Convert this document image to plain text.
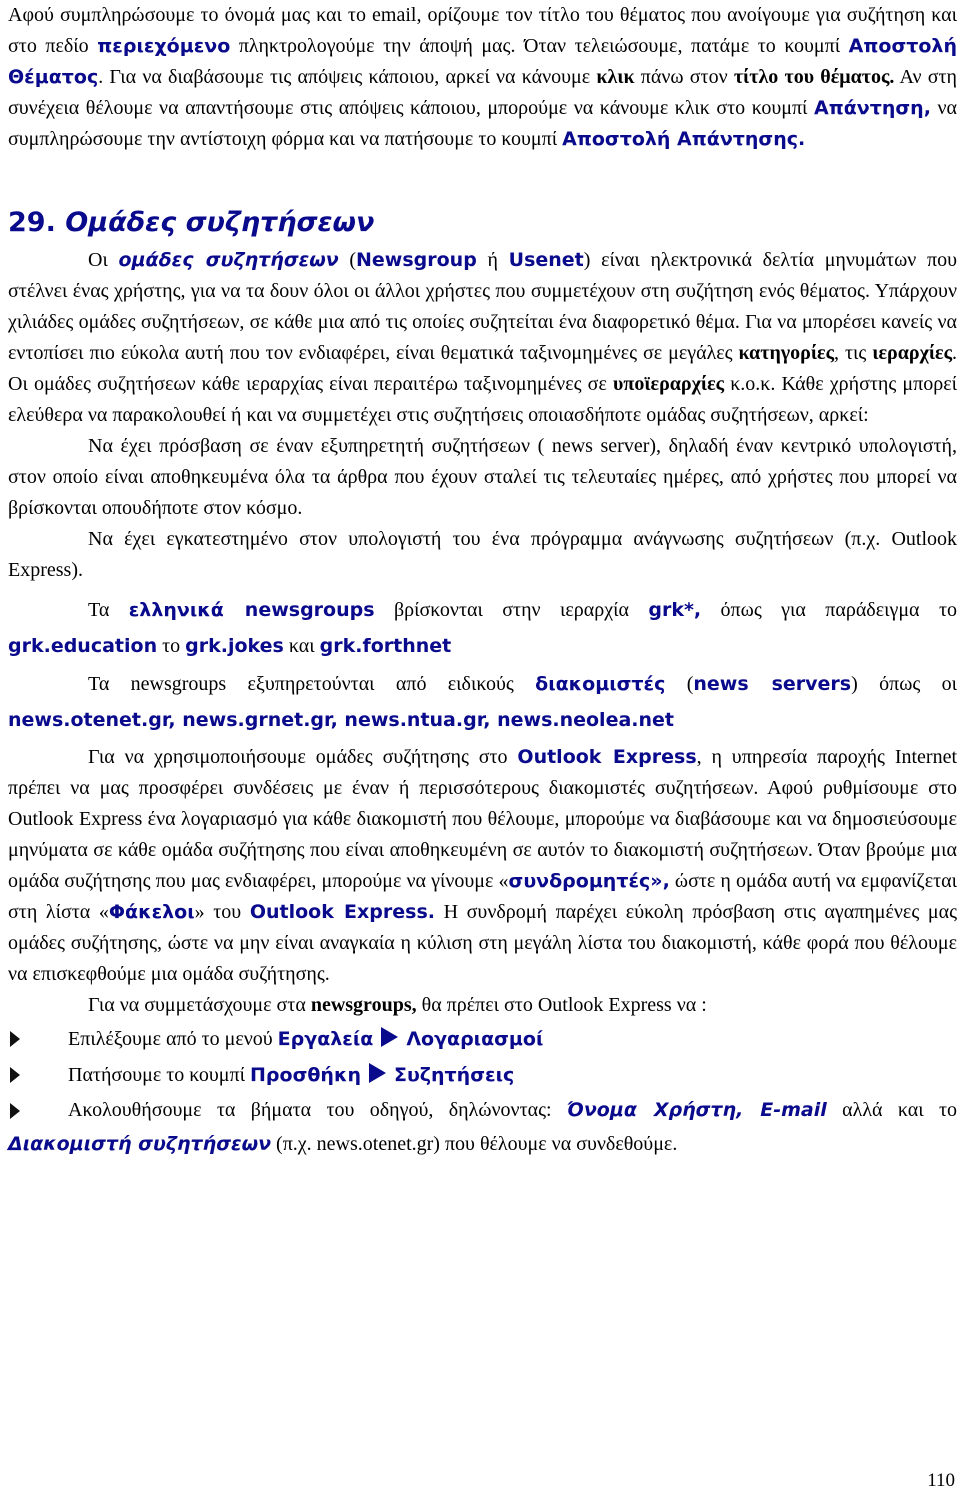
Αφού συμπληρώσουμε το όνομά μας και το email, ορίζουμε τον τίτλο του θέματος που ανοίγουμε για συζήτηση και στο πεδίο περιεχόμενο πληκτρολογούμε την άποψή μας. Όταν τελειώσουμε, πατάμε το κουμπί Αποστολή Θέματος. Για να διαβάσουμε τις απόψεις κάποιου, αρκεί να κάνουμε κλικ πάνω στον τίτλο του θέματος. Αν στη συνέχεια θέλουμε να απαντήσουμε στις απόψεις κάποιου, μπορούμε να κάνουμε κλικ στο κουμπί Απάντηση, να συμπληρώσουμε την αντίστοιχη φόρμα και να πατήσουμε το κουμπί Αποστολή Απάντησης.

29. Ομάδες συζητήσεων

Οι ομάδες συζητήσεων (Newsgroup ή Usenet) είναι ηλεκτρονικά δελτία μηνυμάτων που στέλνει ένας χρήστης, για να τα δουν όλοι οι άλλοι χρήστες που συμμετέχουν στη συζήτηση ενός θέματος. Υπάρχουν χιλιάδες ομάδες συζητήσεων, σε κάθε μια από τις οποίες συζητείται ένα διαφορετικό θέμα. Για να μπορέσει κανείς να εντοπίσει πιο εύκολα αυτή που τον ενδιαφέρει, είναι θεματικά ταξινομημένες σε μεγάλες κατηγορίες, τις ιεραρχίες. Οι ομάδες συζητήσεων κάθε ιεραρχίας είναι περαιτέρω ταξινομημένες σε υποϊεραρχίες κ.ο.κ. Κάθε χρήστης μπορεί ελεύθερα να παρακολουθεί ή και να συμμετέχει στις συζητήσεις οποιασδήποτε ομάδας συζητήσεων, αρκεί:

Να έχει πρόσβαση σε έναν εξυπηρετητή συζητήσεων ( news server), δηλαδή έναν κεντρικό υπολογιστή, στον οποίο είναι αποθηκευμένα όλα τα άρθρα που έχουν σταλεί τις τελευταίες ημέρες, από χρήστες που μπορεί να βρίσκονται οπουδήποτε στον κόσμο.

Να έχει εγκατεστημένο στον υπολογιστή του ένα πρόγραμμα ανάγνωσης συζητήσεων (π.χ. Outlook Express).

Τα ελληνικά newsgroups βρίσκονται στην ιεραρχία grk*, όπως για παράδειγμα το grk.education το grk.jokes και grk.forthnet

Τα newsgroups εξυπηρετούνται από ειδικούς διακομιστές (news servers) όπως οι news.otenet.gr, news.grnet.gr, news.ntua.gr, news.neolea.net

Για να χρησιμοποιήσουμε ομάδες συζήτησης στο Outlook Express, η υπηρεσία παροχής Internet πρέπει να μας προσφέρει συνδέσεις με έναν ή περισσότερους διακομιστές συζητήσεων. Αφού ρυθμίσουμε στο Outlook Express ένα λογαριασμό για κάθε διακομιστή που θέλουμε, μπορούμε να διαβάσουμε και να δημοσιεύσουμε μηνύματα σε κάθε ομάδα συζήτησης που είναι αποθηκευμένη σε αυτόν το διακομιστή συζητήσεων. Όταν βρούμε μια ομάδα συζήτησης που μας ενδιαφέρει, μπορούμε να γίνουμε «συνδρομητές», ώστε η ομάδα αυτή να εμφανίζεται στη λίστα «Φάκελοι» του Outlook Express. Η συνδρομή παρέχει εύκολη πρόσβαση στις αγαπημένες μας ομάδες συζήτησης, ώστε να μην είναι αναγκαία η κύλιση στη μεγάλη λίστα του διακομιστή, κάθε φορά που θέλουμε να επισκεφθούμε μια ομάδα συζήτησης.

Για να συμμετάσχουμε στα newsgroups, θα πρέπει στο Outlook Express να :

Επιλέξουμε από το μενού Εργαλεία Λογαριασμοί
Πατήσουμε το κουμπί Προσθήκη Συζητήσεις
Ακολουθήσουμε τα βήματα του οδηγού, δηλώνοντας: Όνομα Χρήστη, E-mail αλλά και το Διακομιστή συζητήσεων (π.χ. news.otenet.gr) που θέλουμε να συνδεθούμε.
110
